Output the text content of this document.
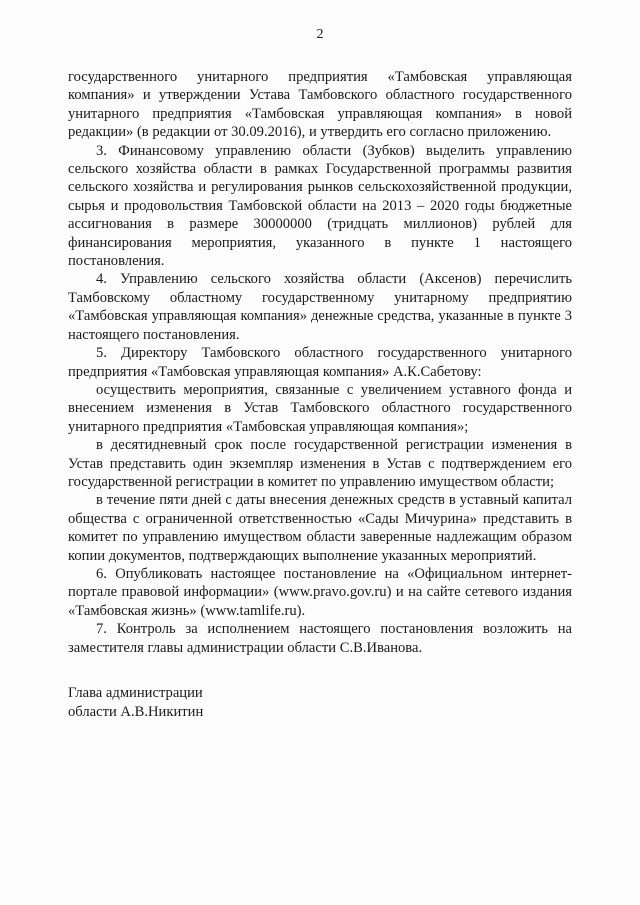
2

государственного унитарного предприятия «Тамбовская управляющая компания» и утверждении Устава Тамбовского областного государственного унитарного предприятия «Тамбовская управляющая компания» в новой редакции» (в редакции от 30.09.2016), и утвердить его согласно приложению.

3. Финансовому управлению области (Зубков) выделить управлению сельского хозяйства области в рамках Государственной программы развития сельского хозяйства и регулирования рынков сельскохозяйственной продукции, сырья и продовольствия Тамбовской области на 2013 – 2020 годы бюджетные ассигнования в размере 30000000 (тридцать миллионов) рублей для финансирования мероприятия, указанного в пункте 1 настоящего постановления.

4. Управлению сельского хозяйства области (Аксенов) перечислить Тамбовскому областному государственному унитарному предприятию «Тамбовская управляющая компания» денежные средства, указанные в пункте 3 настоящего постановления.

5. Директору Тамбовского областного государственного унитарного предприятия «Тамбовская управляющая компания» А.К.Сабетову:

осуществить мероприятия, связанные с увеличением уставного фонда и внесением изменения в Устав Тамбовского областного государственного унитарного предприятия «Тамбовская управляющая компания»;

в десятидневный срок после государственной регистрации изменения в Устав представить один экземпляр изменения в Устав с подтверждением его государственной регистрации в комитет по управлению имуществом области;

в течение пяти дней с даты внесения денежных средств в уставный капитал общества с ограниченной ответственностью «Сады Мичурина» представить в комитет по управлению имуществом области заверенные надлежащим образом копии документов, подтверждающих выполнение указанных мероприятий.

6. Опубликовать настоящее постановление на «Официальном интернет-портале правовой информации» (www.pravo.gov.ru) и на сайте сетевого издания «Тамбовская жизнь» (www.tamlife.ru).

7. Контроль за исполнением настоящего постановления возложить на заместителя главы администрации области С.В.Иванова.

Глава администрации
области А.В.Никитин
